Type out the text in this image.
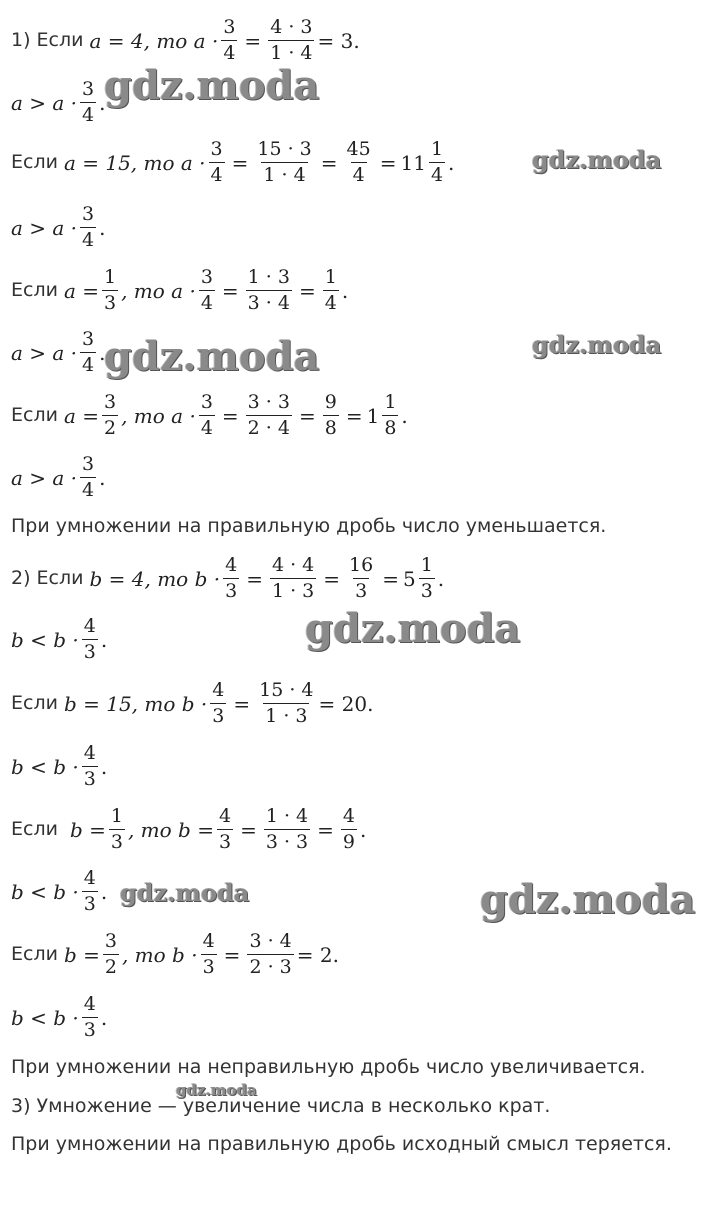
1) Если a = 4, то $a \cdot \frac{3}{4} = \frac{4 \cdot 3}{1 \cdot 4} = 3$.
$a > a \cdot \frac{3}{4}$ .
Если a = 15, то $a \cdot \frac{3}{4} = \frac{15 \cdot 3}{1 \cdot 4} = \frac{45}{4} = 11 \frac{1}{4}$ .
$a > a \cdot \frac{3}{4}$ .
Если $a = \frac{1}{3}$ , то $a \cdot \frac{3}{4} = \frac{1 \cdot 3}{3 \cdot 4} = \frac{1}{4}$ .
$a > a \cdot \frac{3}{4}$ .
Если $a = \frac{3}{2}$ , то $a \cdot \frac{3}{4} = \frac{3 \cdot 3}{2 \cdot 4} = \frac{9}{8} = 1 \frac{1}{8}$ .
$a > a \cdot \frac{3}{4}$ .
При умножении на правильную дробь число уменьшается.
2) Если b = 4, то $b \cdot \frac{4}{3} = \frac{4 \cdot 4}{1 \cdot 3} = \frac{16}{3} = 5 \frac{1}{3}$ .
$b < b \cdot \frac{4}{3}$ .
Если b = 15, то $b \cdot \frac{4}{3} = \frac{15 \cdot 4}{1 \cdot 3} = 20$.
$b < b \cdot \frac{4}{3}$ .
Если $b = \frac{1}{3}$ , то $b = \frac{4}{3} = \frac{1 \cdot 4}{3 \cdot 3} = \frac{4}{9}$ .
$b < b \cdot \frac{4}{3}$ .
Если $b = \frac{3}{2}$ , то $b \cdot \frac{4}{3} = \frac{3 \cdot 4}{2 \cdot 3} = 2$.
$b < b \cdot \frac{4}{3}$ .
При умножении на неправильную дробь число увеличивается.
3) Умножение — увеличение числа в несколько крат.
При умножении на правильную дробь исходный смысл теряется.
gdz.moda
gdz.moda
gdz.moda
gdz.moda
gdz.moda
gdz.moda	gdz.moda
gdz.moda
